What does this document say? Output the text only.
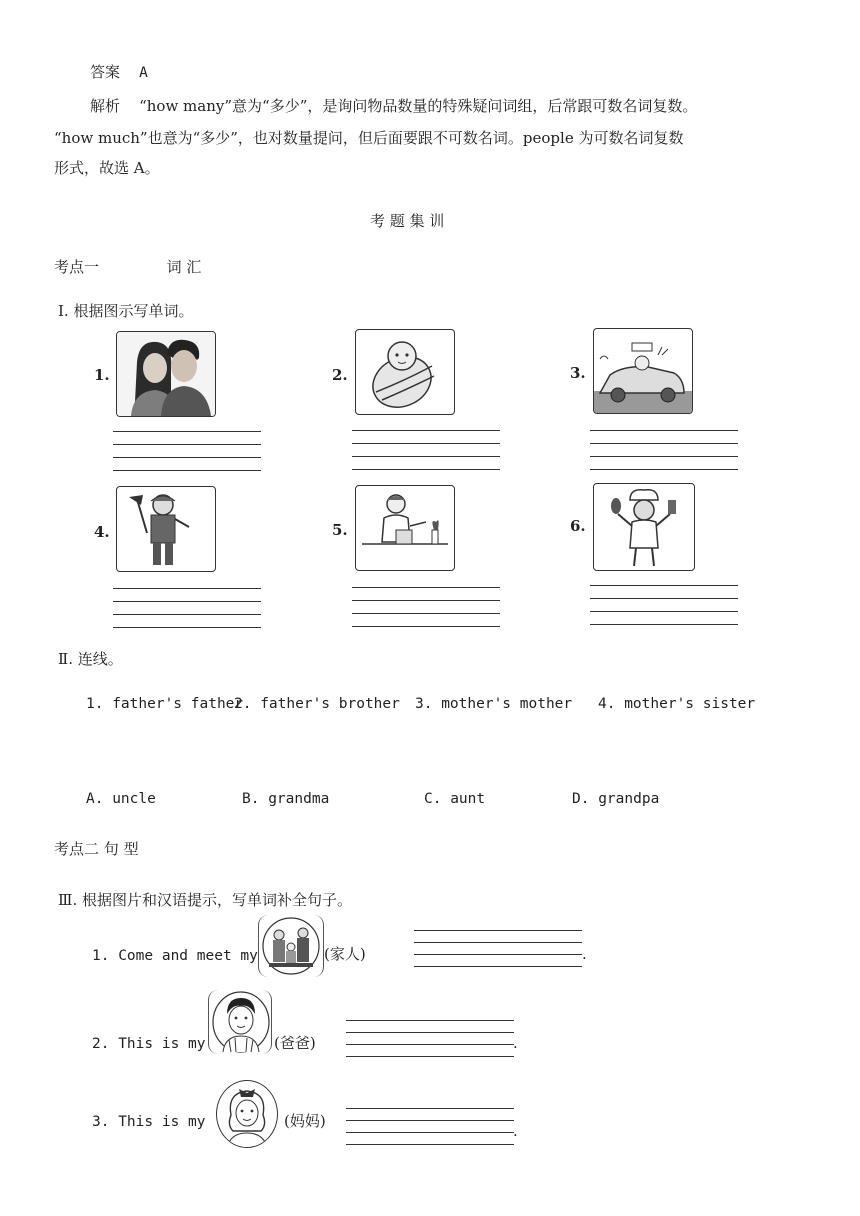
答案 A
解析 “how many”意为“多少”，是询问物品数量的特殊疑问词组，后常跟可数名词复数。
“how much”也意为“多少”，也对数量提问，但后面要跟不可数名词。people 为可数名词复数
形式，故选 A。
考 题 集 训
考点一	词 汇
Ⅰ. 根据图示写单词。
1.	2.	3.
4.	5.	6.
Ⅱ. 连线。
1. father's father
2. father's brother 3. mother's mother 4. mother's sister
A. uncle	B. grandma	C. aunt	D. grandpa
考点二 句 型
Ⅲ. 根据图片和汉语提示，写单词补全句子。
1. Come and meet my	(家人)	.
2. This is my	(爸爸)	.
3. This is my	(妈妈)
.
